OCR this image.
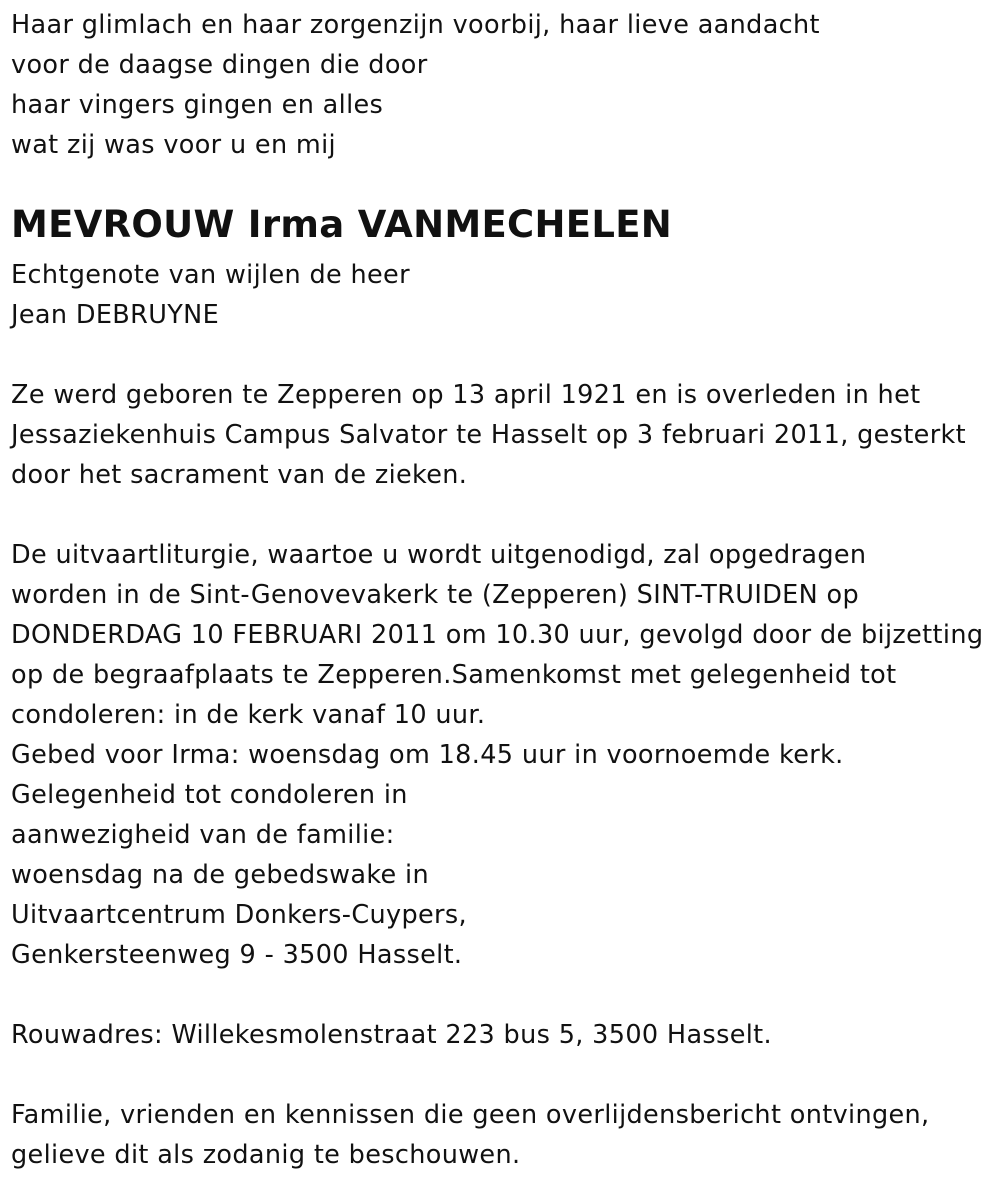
Haar glimlach en haar zorgenzijn voorbij, haar lieve aandacht
voor de daagse dingen die door
haar vingers gingen en alles
wat zij was voor u en mij
MEVROUW Irma VANMECHELEN
Echtgenote van wijlen de heer
Jean DEBRUYNE
Ze werd geboren te Zepperen op 13 april 1921 en is overleden in het
Jessaziekenhuis Campus Salvator te Hasselt op 3 februari 2011, gesterkt
door het sacrament van de zieken.
De uitvaartliturgie, waartoe u wordt uitgenodigd, zal opgedragen
worden in de Sint-Genovevakerk te (Zepperen) SINT-TRUIDEN op
DONDERDAG 10 FEBRUARI 2011 om 10.30 uur, gevolgd door de bijzetting
op de begraafplaats te Zepperen.Samenkomst met gelegenheid tot
condoleren: in de kerk vanaf 10 uur.
Gebed voor Irma: woensdag om 18.45 uur in voornoemde kerk.
Gelegenheid tot condoleren in
aanwezigheid van de familie:
woensdag na de gebedswake in
Uitvaartcentrum Donkers-Cuypers,
Genkersteenweg 9 - 3500 Hasselt.
Rouwadres: Willekesmolenstraat 223 bus 5, 3500 Hasselt.
Familie, vrienden en kennissen die geen overlijdensbericht ontvingen,
gelieve dit als zodanig te beschouwen.
